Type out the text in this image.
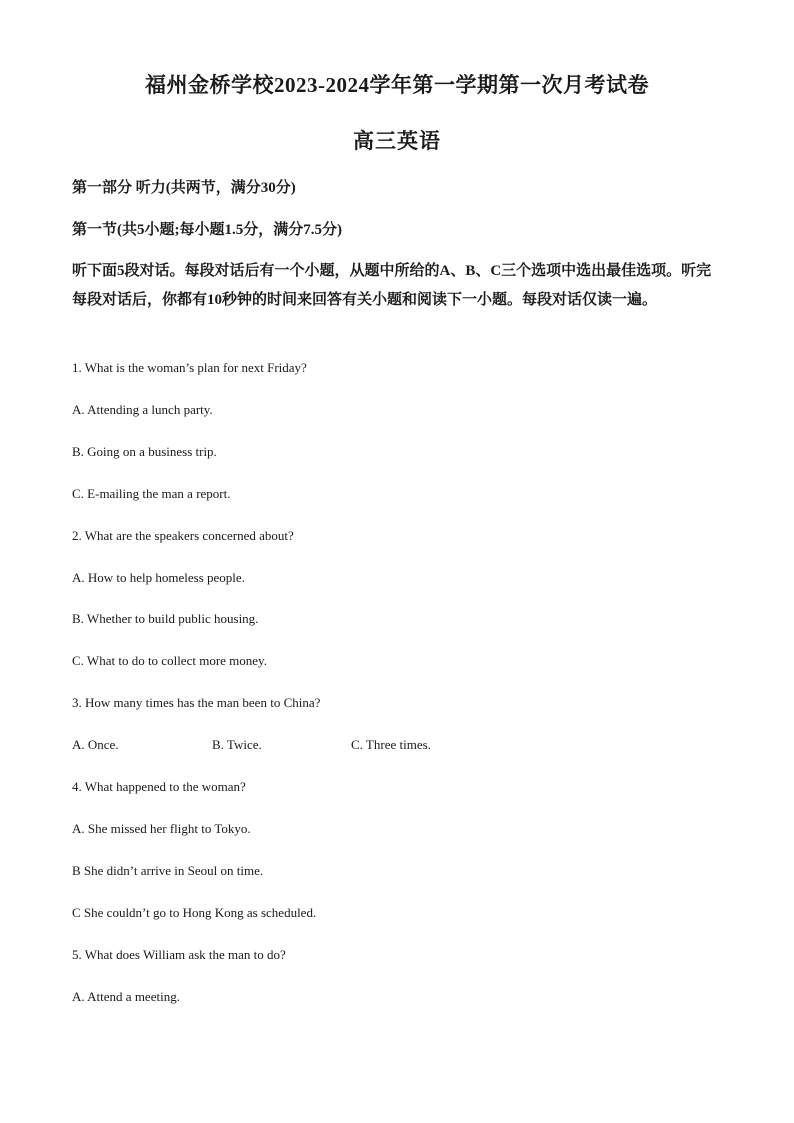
福州金桥学校2023-2024学年第一学期第一次月考试卷
高三英语
第一部分 听力(共两节，满分30分)
第一节(共5小题;每小题1.5分，满分7.5分)
听下面5段对话。每段对话后有一个小题，从题中所给的A、B、C三个选项中选出最佳选项。听完每段对话后，你都有10秒钟的时间来回答有关小题和阅读下一小题。每段对话仅读一遍。
1. What is the woman’s plan for next Friday?
A. Attending a lunch party.
B. Going on a business trip.
C. E-mailing the man a report.
2. What are the speakers concerned about?
A. How to help homeless people.
B. Whether to build public housing.
C. What to do to collect more money.
3. How many times has the man been to China?
A. Once.	B. Twice.	C. Three times.
4. What happened to the woman?
A. She missed her flight to Tokyo.
B She didn’t arrive in Seoul on time.
C She couldn’t go to Hong Kong as scheduled.
5. What does William ask the man to do?
A. Attend a meeting.
